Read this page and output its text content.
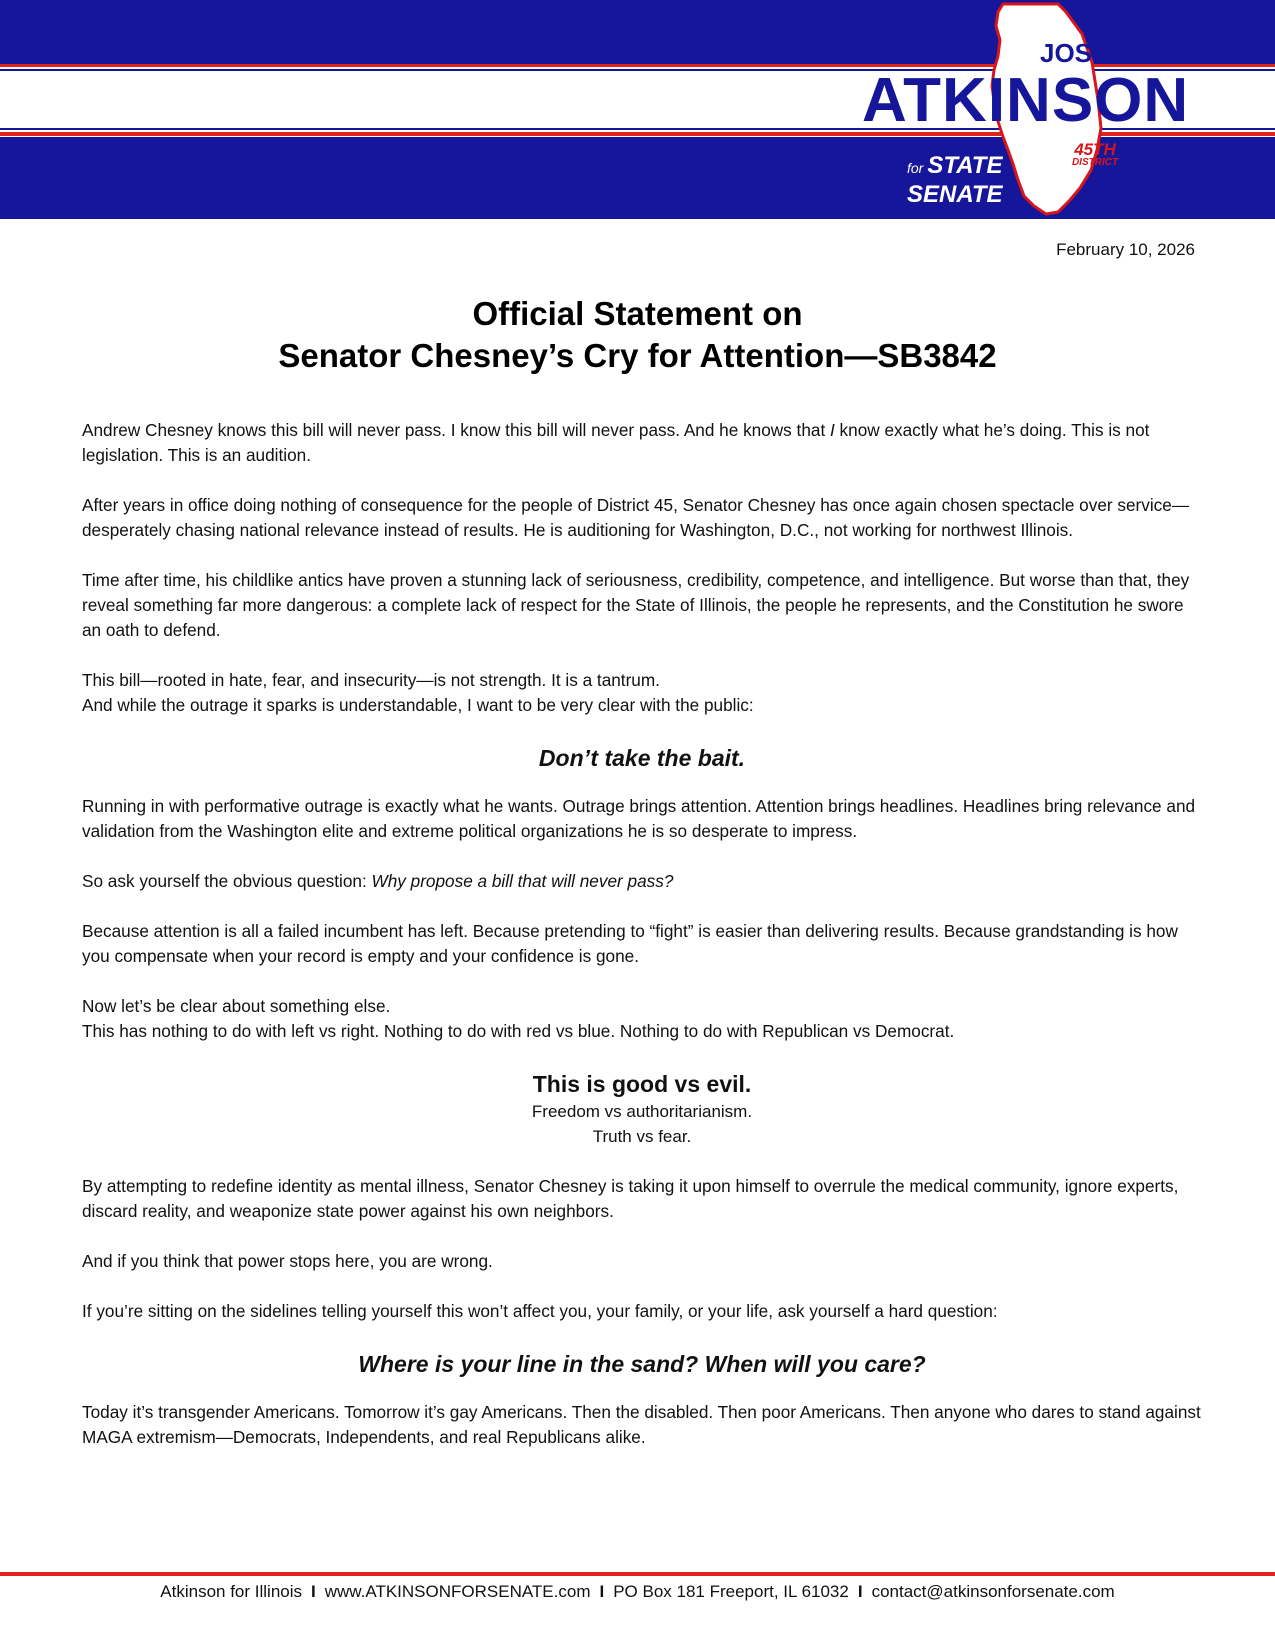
JOSHUA
ATKINSON
45TH
DISTRICT
for STATE
SENATE
February 10, 2026
Official Statement on
Senator Chesney’s Cry for Attention—SB3842

Andrew Chesney knows this bill will never pass. I know this bill will never pass. And he knows that I know exactly what he’s doing. This is not legislation. This is an audition.

After years in office doing nothing of consequence for the people of District 45, Senator Chesney has once again chosen spectacle over service—desperately chasing national relevance instead of results. He is auditioning for Washington, D.C., not working for northwest Illinois.

Time after time, his childlike antics have proven a stunning lack of seriousness, credibility, competence, and intelligence. But worse than that, they reveal something far more dangerous: a complete lack of respect for the State of Illinois, the people he represents, and the Constitution he swore an oath to defend.

This bill—rooted in hate, fear, and insecurity—is not strength. It is a tantrum.
And while the outrage it sparks is understandable, I want to be very clear with the public:
Don’t take the bait.

Running in with performative outrage is exactly what he wants. Outrage brings attention. Attention brings headlines. Headlines bring relevance and validation from the Washington elite and extreme political organizations he is so desperate to impress.

So ask yourself the obvious question: Why propose a bill that will never pass?

Because attention is all a failed incumbent has left. Because pretending to “fight” is easier than delivering results. Because grandstanding is how you compensate when your record is empty and your confidence is gone.

Now let’s be clear about something else.
This has nothing to do with left vs right. Nothing to do with red vs blue. Nothing to do with Republican vs Democrat.
This is good vs evil.
Freedom vs authoritarianism.
Truth vs fear.

By attempting to redefine identity as mental illness, Senator Chesney is taking it upon himself to overrule the medical community, ignore experts, discard reality, and weaponize state power against his own neighbors.

And if you think that power stops here, you are wrong.

If you’re sitting on the sidelines telling yourself this won’t affect you, your family, or your life, ask yourself a hard question:

Where is your line in the sand? When will you care?

Today it’s transgender Americans. Tomorrow it’s gay Americans. Then the disabled. Then poor Americans. Then anyone who dares to stand against MAGA extremism—Democrats, Independents, and real Republicans alike.

Atkinson for Illinois I www.ATKINSONFORSENATE.com I PO Box 181 Freeport, IL 61032 I contact@atkinsonforsenate.com
